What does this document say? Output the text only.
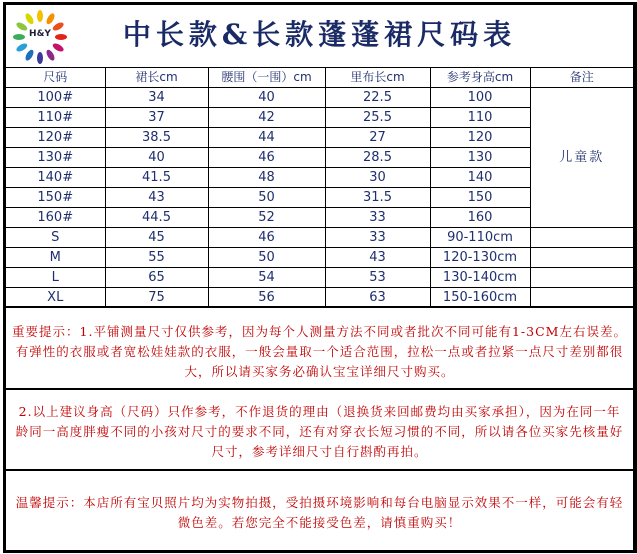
H&Y	中长款&长款蓬蓬裙尺码表
尺码	裙长cm	腰围（一围）cm	里布长cm	参考身高cm	备注
100#	34	40	22.5	100	儿童款
110#	37	42	25.5	110	
120#	38.5	44	27	120	
130#	40	46	28.5	130	
140#	41.5	48	30	140	
150#	43	50	31.5	150	
160#	44.5	52	33	160	
S	45	46	33	90-110cm	
M	55	50	43	120-130cm	
L	65	54	53	130-140cm	
XL	75	56	63	150-160cm	
重要提示：1.平铺测量尺寸仅供参考，因为每个人测量方法不同或者批次不同可能有1-3CM左右误差。有弹性的衣服或者宽松娃娃款的衣服，一般会量取一个适合范围，拉松一点或者拉紧一点尺寸差别都很大，所以请买家务必确认宝宝详细尺寸购买。
2.以上建议身高（尺码）只作参考，不作退货的理由（退换货来回邮费均由买家承担），因为在同一年龄同一高度胖瘦不同的小孩对尺寸的要求不同，还有对穿衣长短习惯的不同，所以请各位买家先核量好尺寸，参考详细尺寸自行斟酌再拍。
温馨提示：本店所有宝贝照片均为实物拍摄，受拍摄环境影响和每台电脑显示效果不一样，可能会有轻微色差。若您完全不能接受色差，请慎重购买！
